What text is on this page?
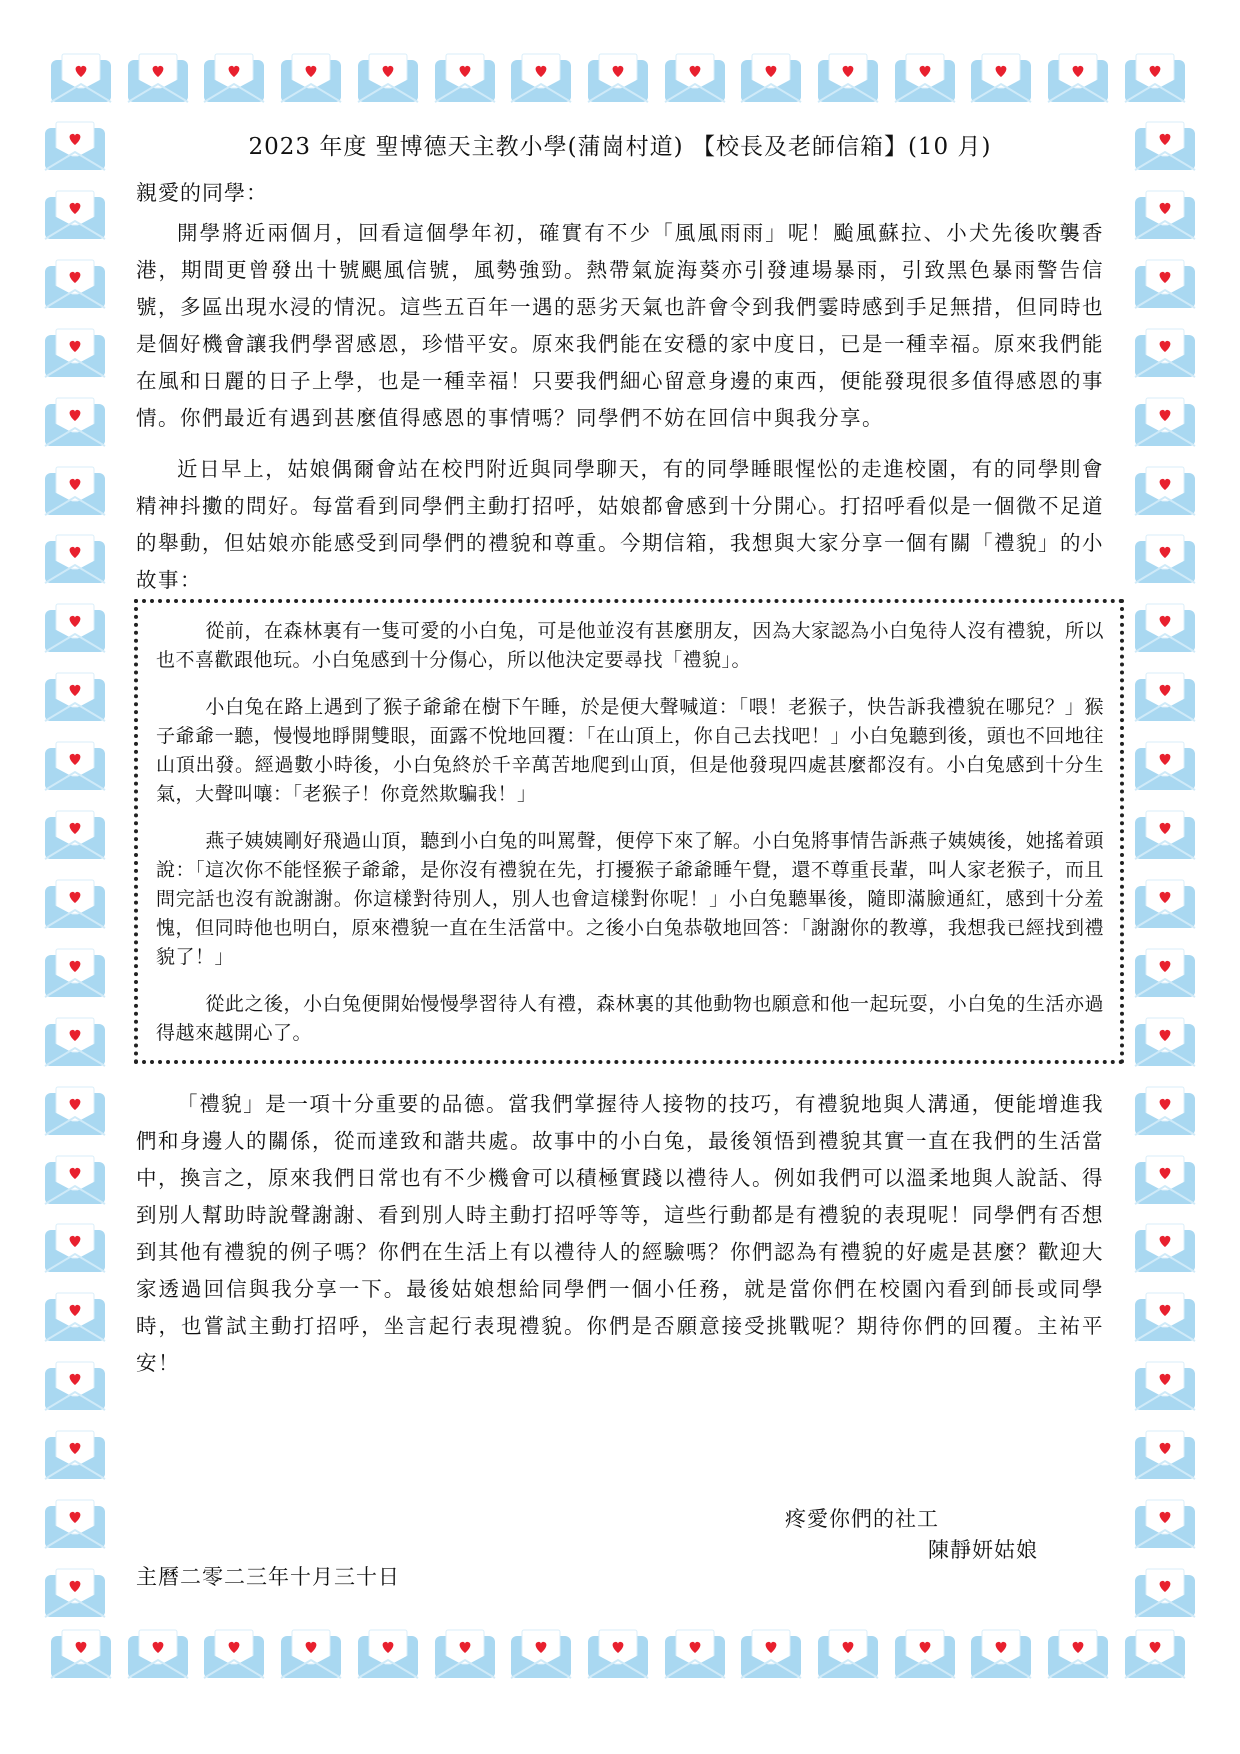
2023 年度 聖博德天主教小學(蒲崗村道) 【校長及老師信箱】(10 月)
親愛的同學：

開學將近兩個月，回看這個學年初，確實有不少「風風雨雨」呢！颱風蘇拉、小犬先後吹襲香港，期間更曾發出十號颶風信號，風勢強勁。熱帶氣旋海葵亦引發連場暴雨，引致黑色暴雨警告信號，多區出現水浸的情況。這些五百年一遇的惡劣天氣也許會令到我們霎時感到手足無措，但同時也是個好機會讓我們學習感恩，珍惜平安。原來我們能在安穩的家中度日，已是一種幸福。原來我們能在風和日麗的日子上學，也是一種幸福！只要我們細心留意身邊的東西，便能發現很多值得感恩的事情。你們最近有遇到甚麼值得感恩的事情嗎？同學們不妨在回信中與我分享。

近日早上，姑娘偶爾會站在校門附近與同學聊天，有的同學睡眼惺忪的走進校園，有的同學則會精神抖擻的問好。每當看到同學們主動打招呼，姑娘都會感到十分開心。打招呼看似是一個微不足道的舉動，但姑娘亦能感受到同學們的禮貌和尊重。今期信箱，我想與大家分享一個有關「禮貌」的小故事：

從前，在森林裏有一隻可愛的小白兔，可是他並沒有甚麼朋友，因為大家認為小白兔待人沒有禮貌，所以也不喜歡跟他玩。小白兔感到十分傷心，所以他決定要尋找「禮貌」。

小白兔在路上遇到了猴子爺爺在樹下午睡，於是便大聲喊道：「喂！老猴子，快告訴我禮貌在哪兒？」猴子爺爺一聽，慢慢地睜開雙眼，面露不悅地回覆：「在山頂上，你自己去找吧！」小白兔聽到後，頭也不回地往山頂出發。經過數小時後，小白兔終於千辛萬苦地爬到山頂，但是他發現四處甚麼都沒有。小白兔感到十分生氣，大聲叫嚷：「老猴子！你竟然欺騙我！」

燕子姨姨剛好飛過山頂，聽到小白兔的叫罵聲，便停下來了解。小白兔將事情告訴燕子姨姨後，她搖着頭說：「這次你不能怪猴子爺爺，是你沒有禮貌在先，打擾猴子爺爺睡午覺，還不尊重長輩，叫人家老猴子，而且問完話也沒有說謝謝。你這樣對待別人，別人也會這樣對你呢！」小白兔聽畢後，隨即滿臉通紅，感到十分羞愧，但同時他也明白，原來禮貌一直在生活當中。之後小白兔恭敬地回答：「謝謝你的教導，我想我已經找到禮貌了！」

從此之後，小白兔便開始慢慢學習待人有禮，森林裏的其他動物也願意和他一起玩耍，小白兔的生活亦過得越來越開心了。

「禮貌」是一項十分重要的品德。當我們掌握待人接物的技巧，有禮貌地與人溝通，便能增進我們和身邊人的關係，從而達致和諧共處。故事中的小白兔，最後領悟到禮貌其實一直在我們的生活當中，換言之，原來我們日常也有不少機會可以積極實踐以禮待人。例如我們可以溫柔地與人說話、得到別人幫助時說聲謝謝、看到別人時主動打招呼等等，這些行動都是有禮貌的表現呢！同學們有否想到其他有禮貌的例子嗎？你們在生活上有以禮待人的經驗嗎？你們認為有禮貌的好處是甚麼？歡迎大家透過回信與我分享一下。最後姑娘想給同學們一個小任務，就是當你們在校園內看到師長或同學時，也嘗試主動打招呼，坐言起行表現禮貌。你們是否願意接受挑戰呢？期待你們的回覆。主祐平安！

疼愛你們的社工
陳靜妍姑娘
主曆二零二三年十月三十日
